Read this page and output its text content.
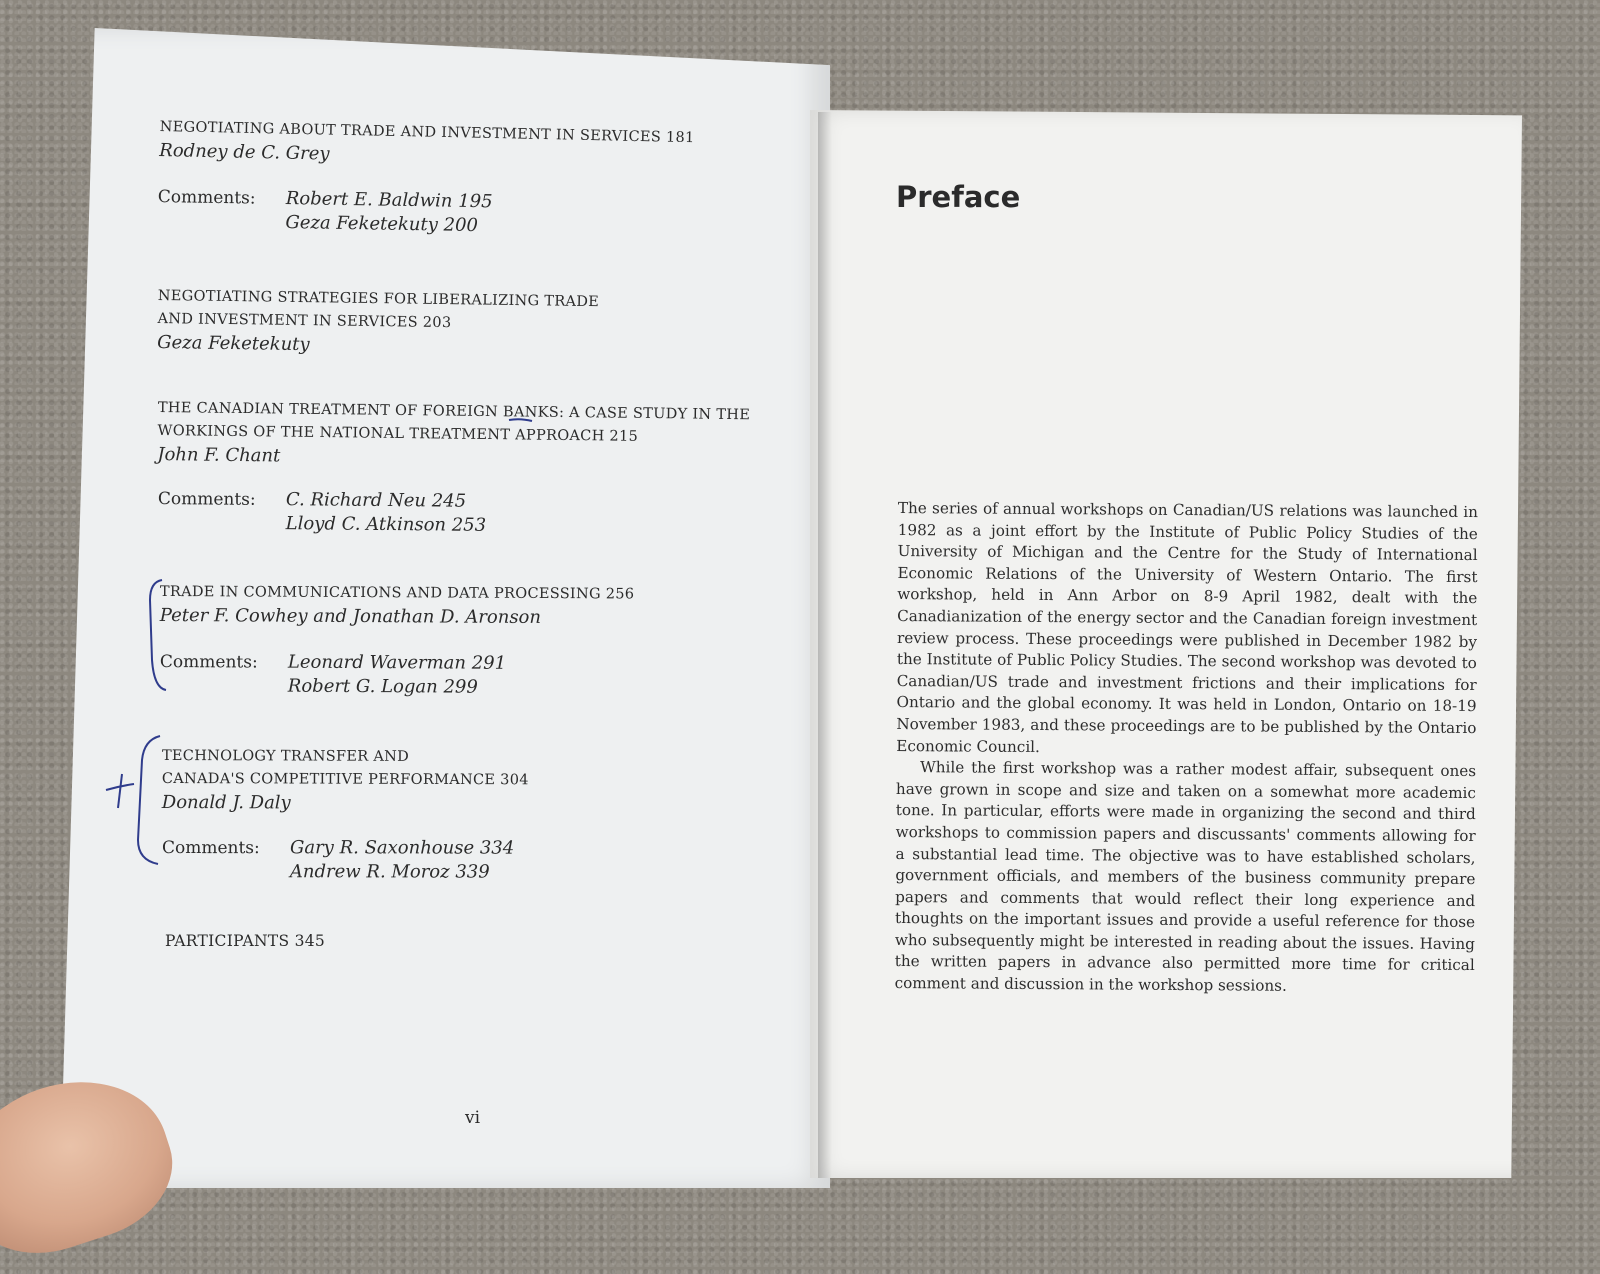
NEGOTIATING ABOUT TRADE AND INVESTMENT IN SERVICES 181
Rodney de C. Grey
Comments: Robert E. Baldwin 195
Geza Feketekuty 200
NEGOTIATING STRATEGIES FOR LIBERALIZING TRADE
AND INVESTMENT IN SERVICES 203
Geza Feketekuty
THE CANADIAN TREATMENT OF FOREIGN BANKS: A CASE STUDY IN THE
WORKINGS OF THE NATIONAL TREATMENT APPROACH 215
John F. Chant
Comments: C. Richard Neu 245
Lloyd C. Atkinson 253
TRADE IN COMMUNICATIONS AND DATA PROCESSING 256
Peter F. Cowhey and Jonathan D. Aronson
Comments: Leonard Waverman 291
Robert G. Logan 299
TECHNOLOGY TRANSFER AND
CANADA'S COMPETITIVE PERFORMANCE 304
Donald J. Daly
Comments: Gary R. Saxonhouse 334
Andrew R. Moroz 339
PARTICIPANTS 345
vi
Preface

The series of annual workshops on Canadian/US relations was launched in 1982 as a joint effort by the Institute of Public Policy Studies of the University of Michigan and the Centre for the Study of International Economic Relations of the University of Western Ontario. The first workshop, held in Ann Arbor on 8-9 April 1982, dealt with the Canadianization of the energy sector and the Canadian foreign investment review process. These proceedings were published in December 1982 by the Institute of Public Policy Studies. The second workshop was devoted to Canadian/US trade and investment frictions and their implications for Ontario and the global economy. It was held in London, Ontario on 18-19 November 1983, and these proceedings are to be published by the Ontario Economic Council.

While the first workshop was a rather modest affair, subsequent ones have grown in scope and size and taken on a somewhat more academic tone. In particular, efforts were made in organizing the second and third workshops to commission papers and discussants' comments allowing for a substantial lead time. The objective was to have established scholars, government officials, and members of the business community prepare papers and comments that would reflect their long experience and thoughts on the important issues and provide a useful reference for those who subsequently might be interested in reading about the issues. Having the written papers in advance also permitted more time for critical comment and discussion in the workshop sessions.
